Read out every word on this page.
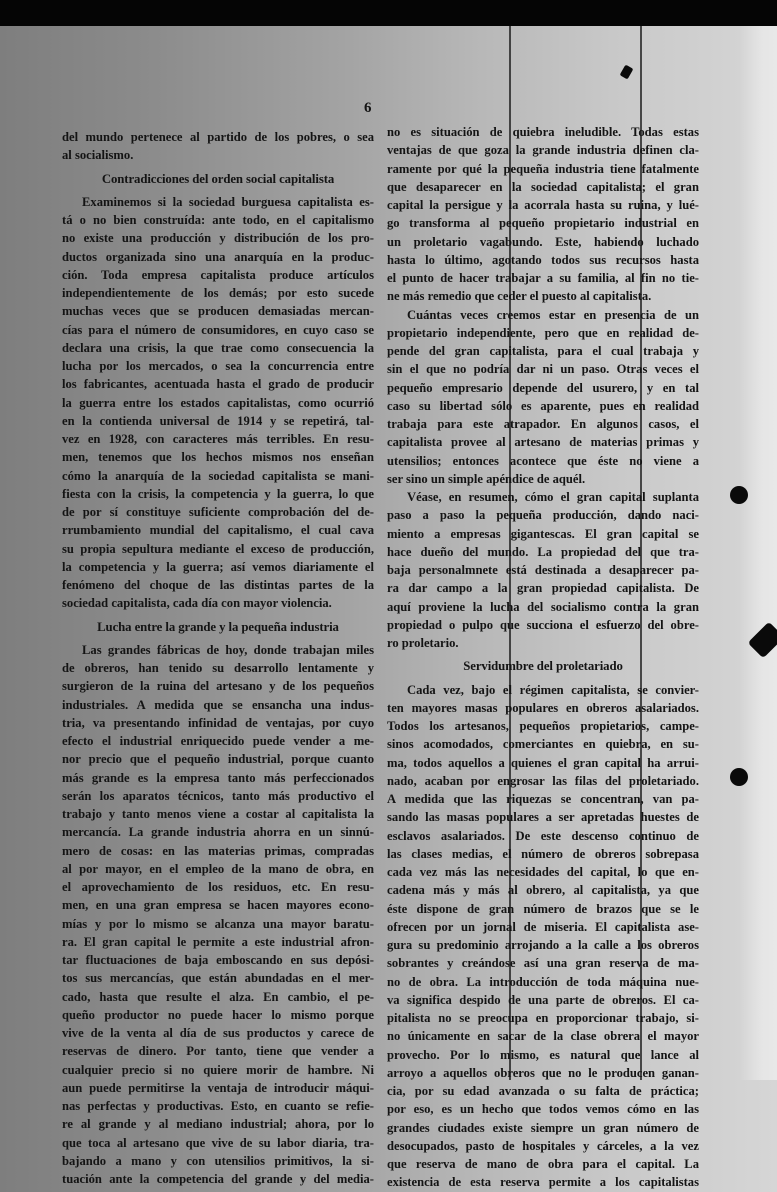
6
del mundo pertenece al partido de los pobres, o sea
al socialismo.
Contradicciones del orden social capitalista
Examinemos si la sociedad burguesa capitalista es-
tá o no bien construída: ante todo, en el capitalismo
no existe una producción y distribución de los pro-
ductos organizada sino una anarquía en la produc-
ción. Toda empresa capitalista produce artículos
independientemente de los demás; por esto sucede
muchas veces que se producen demasiadas mercan-
cías para el número de consumidores, en cuyo caso se
declara una crisis, la que trae como consecuencia la
lucha por los mercados, o sea la concurrencia entre
los fabricantes, acentuada hasta el grado de producir
la guerra entre los estados capitalistas, como ocurrió
en la contienda universal de 1914 y se repetirá, tal-
vez en 1928, con caracteres más terribles. En resu-
men, tenemos que los hechos mismos nos enseñan
cómo la anarquía de la sociedad capitalista se mani-
fiesta con la crisis, la competencia y la guerra, lo que
de por sí constituye suficiente comprobación del de-
rrumbamiento mundial del capitalismo, el cual cava
su propia sepultura mediante el exceso de producción,
la competencia y la guerra; así vemos diariamente el
fenómeno del choque de las distintas partes de la
sociedad capitalista, cada día con mayor violencia.
Lucha entre la grande y la pequeña industria
Las grandes fábricas de hoy, donde trabajan miles
de obreros, han tenido su desarrollo lentamente y
surgieron de la ruina del artesano y de los pequeños
industriales. A medida que se ensancha una indus-
tria, va presentando infinidad de ventajas, por cuyo
efecto el industrial enriquecido puede vender a me-
nor precio que el pequeño industrial, porque cuanto
más grande es la empresa tanto más perfeccionados
serán los aparatos técnicos, tanto más productivo el
trabajo y tanto menos viene a costar al capitalista la
mercancía. La grande industria ahorra en un sinnú-
mero de cosas: en las materias primas, compradas
al por mayor, en el empleo de la mano de obra, en
el aprovechamiento de los residuos, etc. En resu-
men, en una gran empresa se hacen mayores econo-
mías y por lo mismo se alcanza una mayor baratu-
ra. El gran capital le permite a este industrial afron-
tar fluctuaciones de baja emboscando en sus depósi-
tos sus mercancías, que están abundadas en el mer-
cado, hasta que resulte el alza. En cambio, el pe-
queño productor no puede hacer lo mismo porque
vive de la venta al día de sus productos y carece de
reservas de dinero. Por tanto, tiene que vender a
cualquier precio si no quiere morir de hambre. Ni
aun puede permitirse la ventaja de introducir máqui-
nas perfectas y productivas. Esto, en cuanto se refie-
re al grande y al mediano industrial; ahora, por lo
que toca al artesano que vive de su labor diaria, tra-
bajando a mano y con utensilios primitivos, la si-
tuación ante la competencia del grande y del media-
no es situación de quiebra ineludible. Todas estas
ventajas de que goza la grande industria definen cla-
ramente por qué la pequeña industria tiene fatalmente
que desaparecer en la sociedad capitalista; el gran
capital la persigue y la acorrala hasta su ruina, y lué-
go transforma al pequeño propietario industrial en
un proletario vagabundo. Este, habiendo luchado
hasta lo último, agotando todos sus recursos hasta
el punto de hacer trabajar a su familia, al fin no tie-
ne más remedio que ceder el puesto al capitalista.
Cuántas veces creemos estar en presencia de un
propietario independiente, pero que en realidad de-
pende del gran capitalista, para el cual trabaja y
sin el que no podría dar ni un paso. Otras veces el
pequeño empresario depende del usurero, y en tal
caso su libertad sólo es aparente, pues en realidad
trabaja para este atrapador. En algunos casos, el
capitalista provee al artesano de materias primas y
utensilios; entonces acontece que éste no viene a
ser sino un simple apéndice de aquél.
Véase, en resumen, cómo el gran capital suplanta
paso a paso la pequeña producción, dando naci-
miento a empresas gigantescas. El gran capital se
hace dueño del mundo. La propiedad del que tra-
baja personalmnete está destinada a desaparecer pa-
ra dar campo a la gran propiedad capitalista. De
aquí proviene la lucha del socialismo contra la gran
propiedad o pulpo que succiona el esfuerzo del obre-
ro proletario.
Servidumbre del proletariado
Cada vez, bajo el régimen capitalista, se convier-
ten mayores masas populares en obreros asalariados.
Todos los artesanos, pequeños propietarios, campe-
sinos acomodados, comerciantes en quiebra, en su-
ma, todos aquellos a quienes el gran capital ha arrui-
nado, acaban por engrosar las filas del proletariado.
A medida que las riquezas se concentran, van pa-
sando las masas populares a ser apretadas huestes de
esclavos asalariados. De este descenso continuo de
las clases medias, el número de obreros sobrepasa
cada vez más las necesidades del capital, lo que en-
cadena más y más al obrero, al capitalista, ya que
éste dispone de gran número de brazos que se le
ofrecen por un jornal de miseria. El capitalista ase-
gura su predominio arrojando a la calle a los obreros
sobrantes y creándose así una gran reserva de ma-
no de obra. La introducción de toda máquina nue-
va significa despido de una parte de obreros. El ca-
pitalista no se preocupa en proporcionar trabajo, si-
no únicamente en sacar de la clase obrera el mayor
provecho. Por lo mismo, es natural que lance al
arroyo a aquellos obreros que no le producen ganan-
cia, por su edad avanzada o su falta de práctica;
por eso, es un hecho que todos vemos cómo en las
grandes ciudades existe siempre un gran número de
desocupados, pasto de hospitales y cárceles, a la vez
que reserva de mano de obra para el capital. La
existencia de esta reserva permite a los capitalistas
